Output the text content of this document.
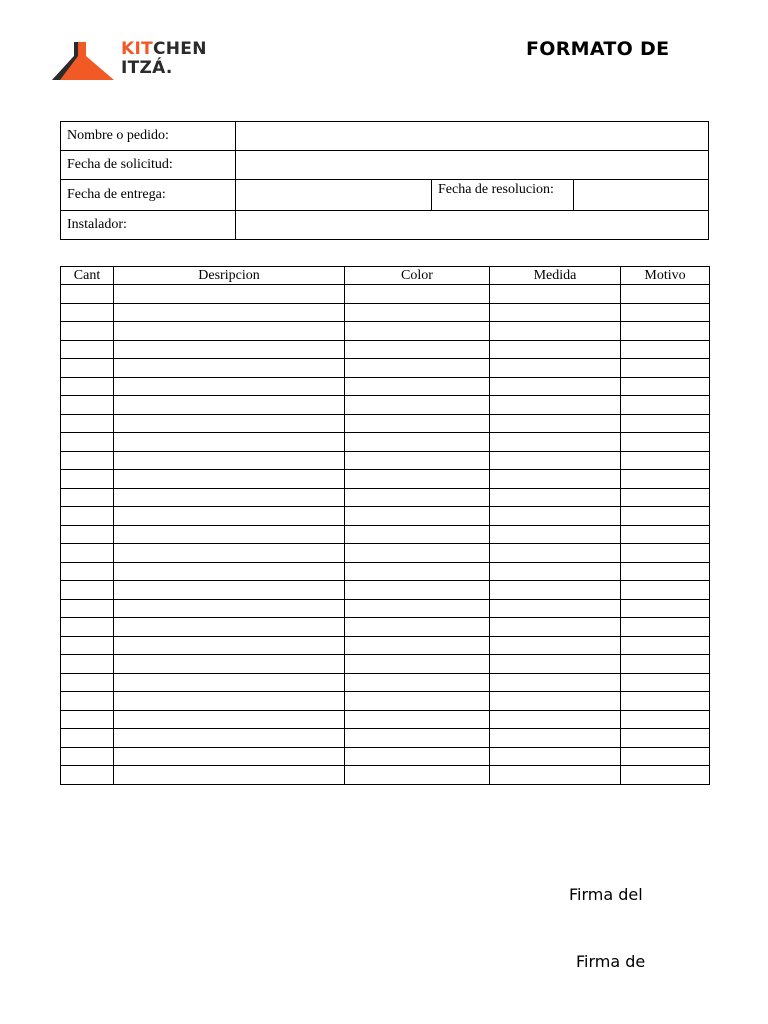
KITCHEN
ITZÁ.
FORMATO DE
Nombre o pedido:			
Fecha de solicitud:			
Fecha de entrega:		Fecha de resolucion:	
Instalador:			
Cant	Desripcion	Color	Medida	Motivo

Firma del
Firma de
